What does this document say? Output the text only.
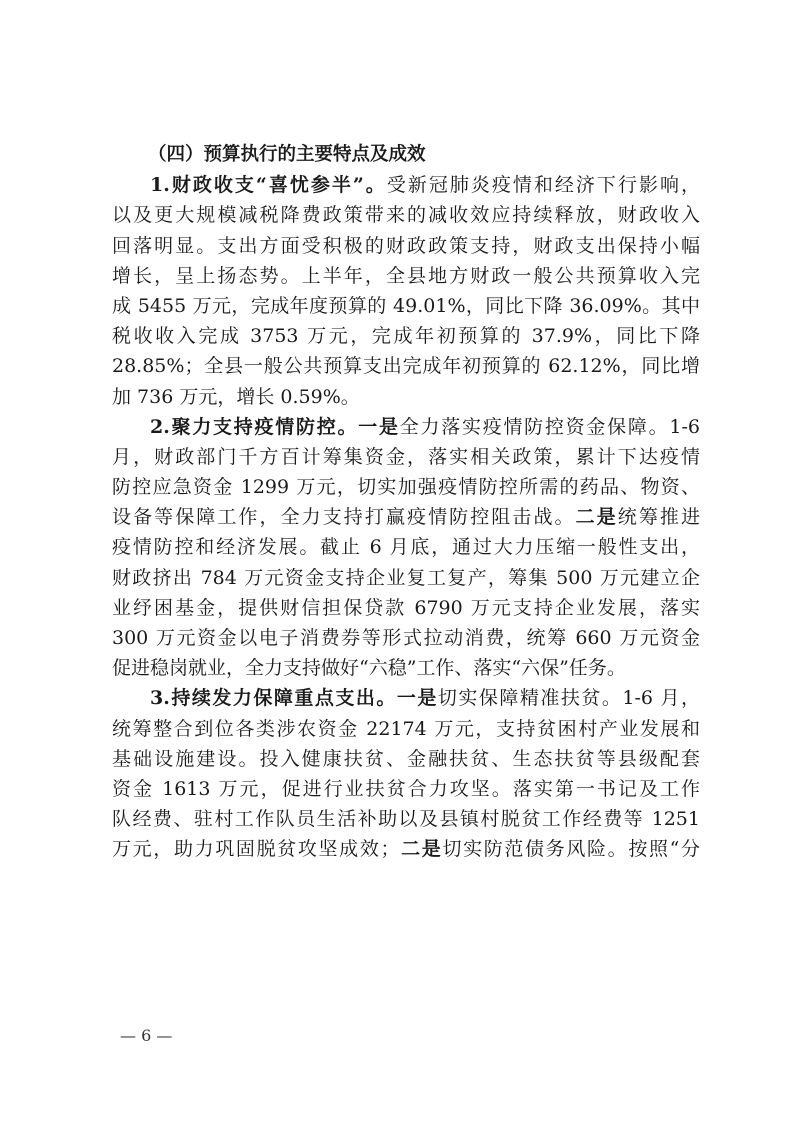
（四）预算执行的主要特点及成效
1.财政收支“喜忧参半”。受新冠肺炎疫情和经济下行影响，
以及更大规模减税降费政策带来的减收效应持续释放，财政收入
回落明显。支出方面受积极的财政政策支持，财政支出保持小幅
增长，呈上扬态势。上半年，全县地方财政一般公共预算收入完
成 5455 万元，完成年度预算的 49.01%，同比下降 36.09%。其中
税收收入完成 3753 万元，完成年初预算的 37.9%，同比下降
28.85%；全县一般公共预算支出完成年初预算的 62.12%，同比增
加 736 万元，增长 0.59%。
2.聚力支持疫情防控。一是全力落实疫情防控资金保障。1-6
月，财政部门千方百计筹集资金，落实相关政策，累计下达疫情
防控应急资金 1299 万元，切实加强疫情防控所需的药品、物资、
设备等保障工作，全力支持打赢疫情防控阻击战。二是统筹推进
疫情防控和经济发展。截止 6 月底，通过大力压缩一般性支出，
财政挤出 784 万元资金支持企业复工复产，筹集 500 万元建立企
业纾困基金，提供财信担保贷款 6790 万元支持企业发展，落实
300 万元资金以电子消费券等形式拉动消费，统筹 660 万元资金
促进稳岗就业，全力支持做好“六稳”工作、落实“六保”任务。
3.持续发力保障重点支出。一是切实保障精准扶贫。1-6 月，
统筹整合到位各类涉农资金 22174 万元，支持贫困村产业发展和
基础设施建设。投入健康扶贫、金融扶贫、生态扶贫等县级配套
资金 1613 万元，促进行业扶贫合力攻坚。落实第一书记及工作
队经费、驻村工作队员生活补助以及县镇村脱贫工作经费等 1251
万元，助力巩固脱贫攻坚成效；二是切实防范债务风险。按照“分
— 6 —
